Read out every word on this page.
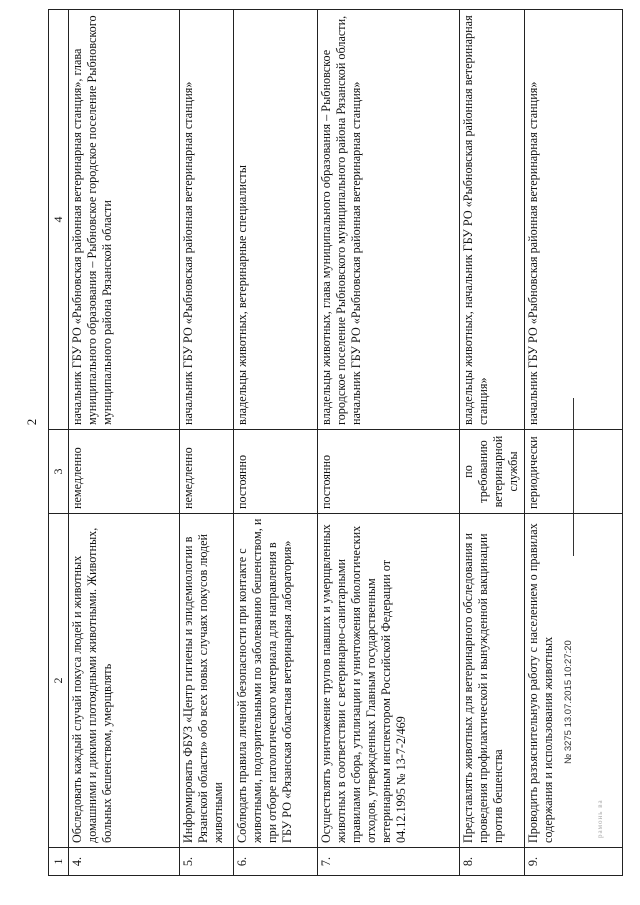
2
1	2	3	4
4.	Обследовать каждый случай покуса людей и животных домашними и дикими плотоядными животными. Животных, больных бешенством, умерщвлять	немедленно	начальник ГБУ РО «Рыбновская районная ветеринарная станция», глава муниципального образования – Рыбновское городское поселение Рыбновского муниципального района Рязанской области
5.	Информировать ФБУЗ «Центр гигиены и эпидемиологии в Рязанской области» обо всех новых случаях покусов людей животными	немедленно	начальник ГБУ РО «Рыбновская районная ветеринарная станция»
6.	Соблюдать правила личной безопасности при контакте с животными, подозрительными по заболеванию бешенством, и при отборе патологического материала для направления в ГБУ РО «Рязанская областная ветеринарная лаборатория»	постоянно	владельцы животных, ветеринарные специалисты
7.	Осуществлять уничтожение трупов павших и умерщвленных животных в соответствии с ветеринарно-санитарными правилами сбора, утилизации и уничтожения биологических отходов, утвержденных Главным государственным ветеринарным инспектором Российской Федерации от 04.12.1995 № 13-7-2/469	постоянно	владельцы животных, глава муниципального образования – Рыбновское городское поселение Рыбновского муниципального района Рязанской области, начальник ГБУ РО «Рыбновская районная ветеринарная станция»
8.	Представлять животных для ветеринарного обследования и проведения профилактической и вынужденной вакцинации против бешенства	по требованию ветеринарной службы	владельцы животных, начальник ГБУ РО «Рыбновская районная ветеринарная станция»
9.	Проводить разъяснительную работу с населением о правилах содержания и использования животных	периодически	начальник ГБУ РО «Рыбновская районная ветеринарная станция»
№ 3275 13.07.2015 10:27:20
рамонь ва
